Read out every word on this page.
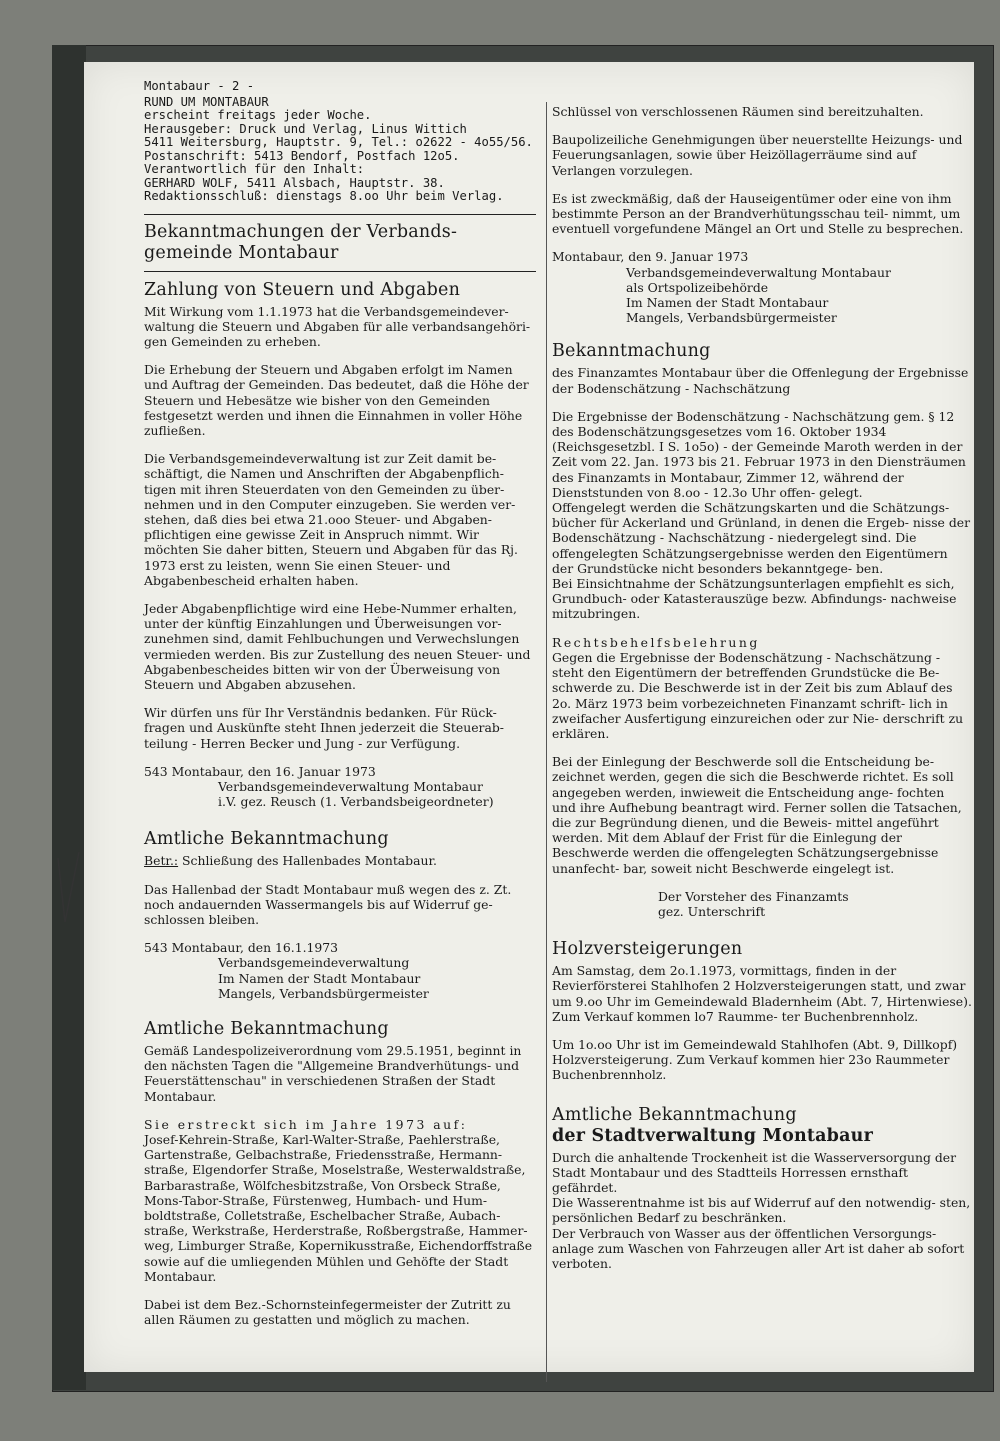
Montabaur - 2 -

RUND UM MONTABAUR

erscheint freitags jeder Woche.

Herausgeber: Druck und Verlag, Linus Wittich

5411 Weitersburg, Hauptstr. 9, Tel.: o2622 - 4o55/56.

Postanschrift: 5413 Bendorf, Postfach 12o5.

Verantwortlich für den Inhalt:

GERHARD WOLF, 5411 Alsbach, Hauptstr. 38.

Redaktionsschluß: dienstags 8.oo Uhr beim Verlag.

Bekanntmachungen der Verbands- gemeinde Montabaur
Zahlung von Steuern und Abgaben

Mit Wirkung vom 1.1.1973 hat die Verbandsgemeindever- waltung die Steuern und Abgaben für alle verbandsangehöri- gen Gemeinden zu erheben.

Die Erhebung der Steuern und Abgaben erfolgt im Namen und Auftrag der Gemeinden. Das bedeutet, daß die Höhe der Steuern und Hebesätze wie bisher von den Gemeinden festgesetzt werden und ihnen die Einnahmen in voller Höhe zufließen.

Die Verbandsgemeindeverwaltung ist zur Zeit damit be- schäftigt, die Namen und Anschriften der Abgabenpflich- tigen mit ihren Steuerdaten von den Gemeinden zu über- nehmen und in den Computer einzugeben. Sie werden ver- stehen, daß dies bei etwa 21.ooo Steuer- und Abgaben- pflichtigen eine gewisse Zeit in Anspruch nimmt. Wir möchten Sie daher bitten, Steuern und Abgaben für das Rj. 1973 erst zu leisten, wenn Sie einen Steuer- und Abgabenbescheid erhalten haben.

Jeder Abgabenpflichtige wird eine Hebe-Nummer erhalten, unter der künftig Einzahlungen und Überweisungen vor- zunehmen sind, damit Fehlbuchungen und Verwechslungen vermieden werden. Bis zur Zustellung des neuen Steuer- und Abgabenbescheides bitten wir von der Überweisung von Steuern und Abgaben abzusehen.

Wir dürfen uns für Ihr Verständnis bedanken. Für Rück- fragen und Auskünfte steht Ihnen jederzeit die Steuerab- teilung - Herren Becker und Jung - zur Verfügung.

543 Montabaur, den 16. Januar 1973

Verbandsgemeindeverwaltung Montabaur

i.V. gez. Reusch (1. Verbandsbeigeordneter)

Amtliche Bekanntmachung

Betr.: Schließung des Hallenbades Montabaur.

Das Hallenbad der Stadt Montabaur muß wegen des z. Zt. noch andauernden Wassermangels bis auf Widerruf ge- schlossen bleiben.

543 Montabaur, den 16.1.1973

Verbandsgemeindeverwaltung

Im Namen der Stadt Montabaur

Mangels, Verbandsbürgermeister

Amtliche Bekanntmachung

Gemäß Landespolizeiverordnung vom 29.5.1951, beginnt in den nächsten Tagen die "Allgemeine Brandverhütungs- und Feuerstättenschau" in verschiedenen Straßen der Stadt Montabaur.

Sie erstreckt sich im Jahre 1973 auf:

Josef-Kehrein-Straße, Karl-Walter-Straße, Paehlerstraße, Gartenstraße, Gelbachstraße, Friedensstraße, Hermann- straße, Elgendorfer Straße, Moselstraße, Westerwaldstraße, Barbarastraße, Wölfchesbitzstraße, Von Orsbeck Straße, Mons-Tabor-Straße, Fürstenweg, Humbach- und Hum- boldtstraße, Colletstraße, Eschelbacher Straße, Aubach- straße, Werkstraße, Herderstraße, Roßbergstraße, Hammer- weg, Limburger Straße, Kopernikusstraße, Eichendorffstraße sowie auf die umliegenden Mühlen und Gehöfte der Stadt Montabaur.

Dabei ist dem Bez.-Schornsteinfegermeister der Zutritt zu allen Räumen zu gestatten und möglich zu machen.

Schlüssel von verschlossenen Räumen sind bereitzuhalten.

Baupolizeiliche Genehmigungen über neuerstellte Heizungs- und Feuerungsanlagen, sowie über Heizöllagerräume sind auf Verlangen vorzulegen.

Es ist zweckmäßig, daß der Hauseigentümer oder eine von ihm bestimmte Person an der Brandverhütungsschau teil- nimmt, um eventuell vorgefundene Mängel an Ort und Stelle zu besprechen.

Montabaur, den 9. Januar 1973

Verbandsgemeindeverwaltung Montabaur

als Ortspolizeibehörde

Im Namen der Stadt Montabaur

Mangels, Verbandsbürgermeister

Bekanntmachung

des Finanzamtes Montabaur über die Offenlegung der Ergebnisse der Bodenschätzung - Nachschätzung

Die Ergebnisse der Bodenschätzung - Nachschätzung gem. § 12 des Bodenschätzungsgesetzes vom 16. Oktober 1934 (Reichsgesetzbl. I S. 1o5o) - der Gemeinde Maroth werden in der Zeit vom 22. Jan. 1973 bis 21. Februar 1973 in den Diensträumen des Finanzamts in Montabaur, Zimmer 12, während der Dienststunden von 8.oo - 12.3o Uhr offen- gelegt.

Offengelegt werden die Schätzungskarten und die Schätzungs- bücher für Ackerland und Grünland, in denen die Ergeb- nisse der Bodenschätzung - Nachschätzung - niedergelegt sind. Die offengelegten Schätzungsergebnisse werden den Eigentümern der Grundstücke nicht besonders bekanntgege- ben.

Bei Einsichtnahme der Schätzungsunterlagen empfiehlt es sich, Grundbuch- oder Katasterauszüge bezw. Abfindungs- nachweise mitzubringen.

Rechtsbehelfsbelehrung

Gegen die Ergebnisse der Bodenschätzung - Nachschätzung - steht den Eigentümern der betreffenden Grundstücke die Be- schwerde zu. Die Beschwerde ist in der Zeit bis zum Ablauf des 2o. März 1973 beim vorbezeichneten Finanzamt schrift- lich in zweifacher Ausfertigung einzureichen oder zur Nie- derschrift zu erklären.

Bei der Einlegung der Beschwerde soll die Entscheidung be- zeichnet werden, gegen die sich die Beschwerde richtet. Es soll angegeben werden, inwieweit die Entscheidung ange- fochten und ihre Aufhebung beantragt wird. Ferner sollen die Tatsachen, die zur Begründung dienen, und die Beweis- mittel angeführt werden. Mit dem Ablauf der Frist für die Einlegung der Beschwerde werden die offengelegten Schätzungsergebnisse unanfecht- bar, soweit nicht Beschwerde eingelegt ist.

Der Vorsteher des Finanzamts

gez. Unterschrift

Holzversteigerungen

Am Samstag, dem 2o.1.1973, vormittags, finden in der Revierförsterei Stahlhofen 2 Holzversteigerungen statt, und zwar um 9.oo Uhr im Gemeindewald Bladernheim (Abt. 7, Hirtenwiese). Zum Verkauf kommen lo7 Raumme- ter Buchenbrennholz.

Um 1o.oo Uhr ist im Gemeindewald Stahlhofen (Abt. 9, Dillkopf) Holzversteigerung. Zum Verkauf kommen hier 23o Raummeter Buchenbrennholz.

Amtliche Bekanntmachung
der Stadtverwaltung Montabaur

Durch die anhaltende Trockenheit ist die Wasserversorgung der Stadt Montabaur und des Stadtteils Horressen ernsthaft gefährdet.

Die Wasserentnahme ist bis auf Widerruf auf den notwendig- sten, persönlichen Bedarf zu beschränken.

Der Verbrauch von Wasser aus der öffentlichen Versorgungs- anlage zum Waschen von Fahrzeugen aller Art ist daher ab sofort verboten.
